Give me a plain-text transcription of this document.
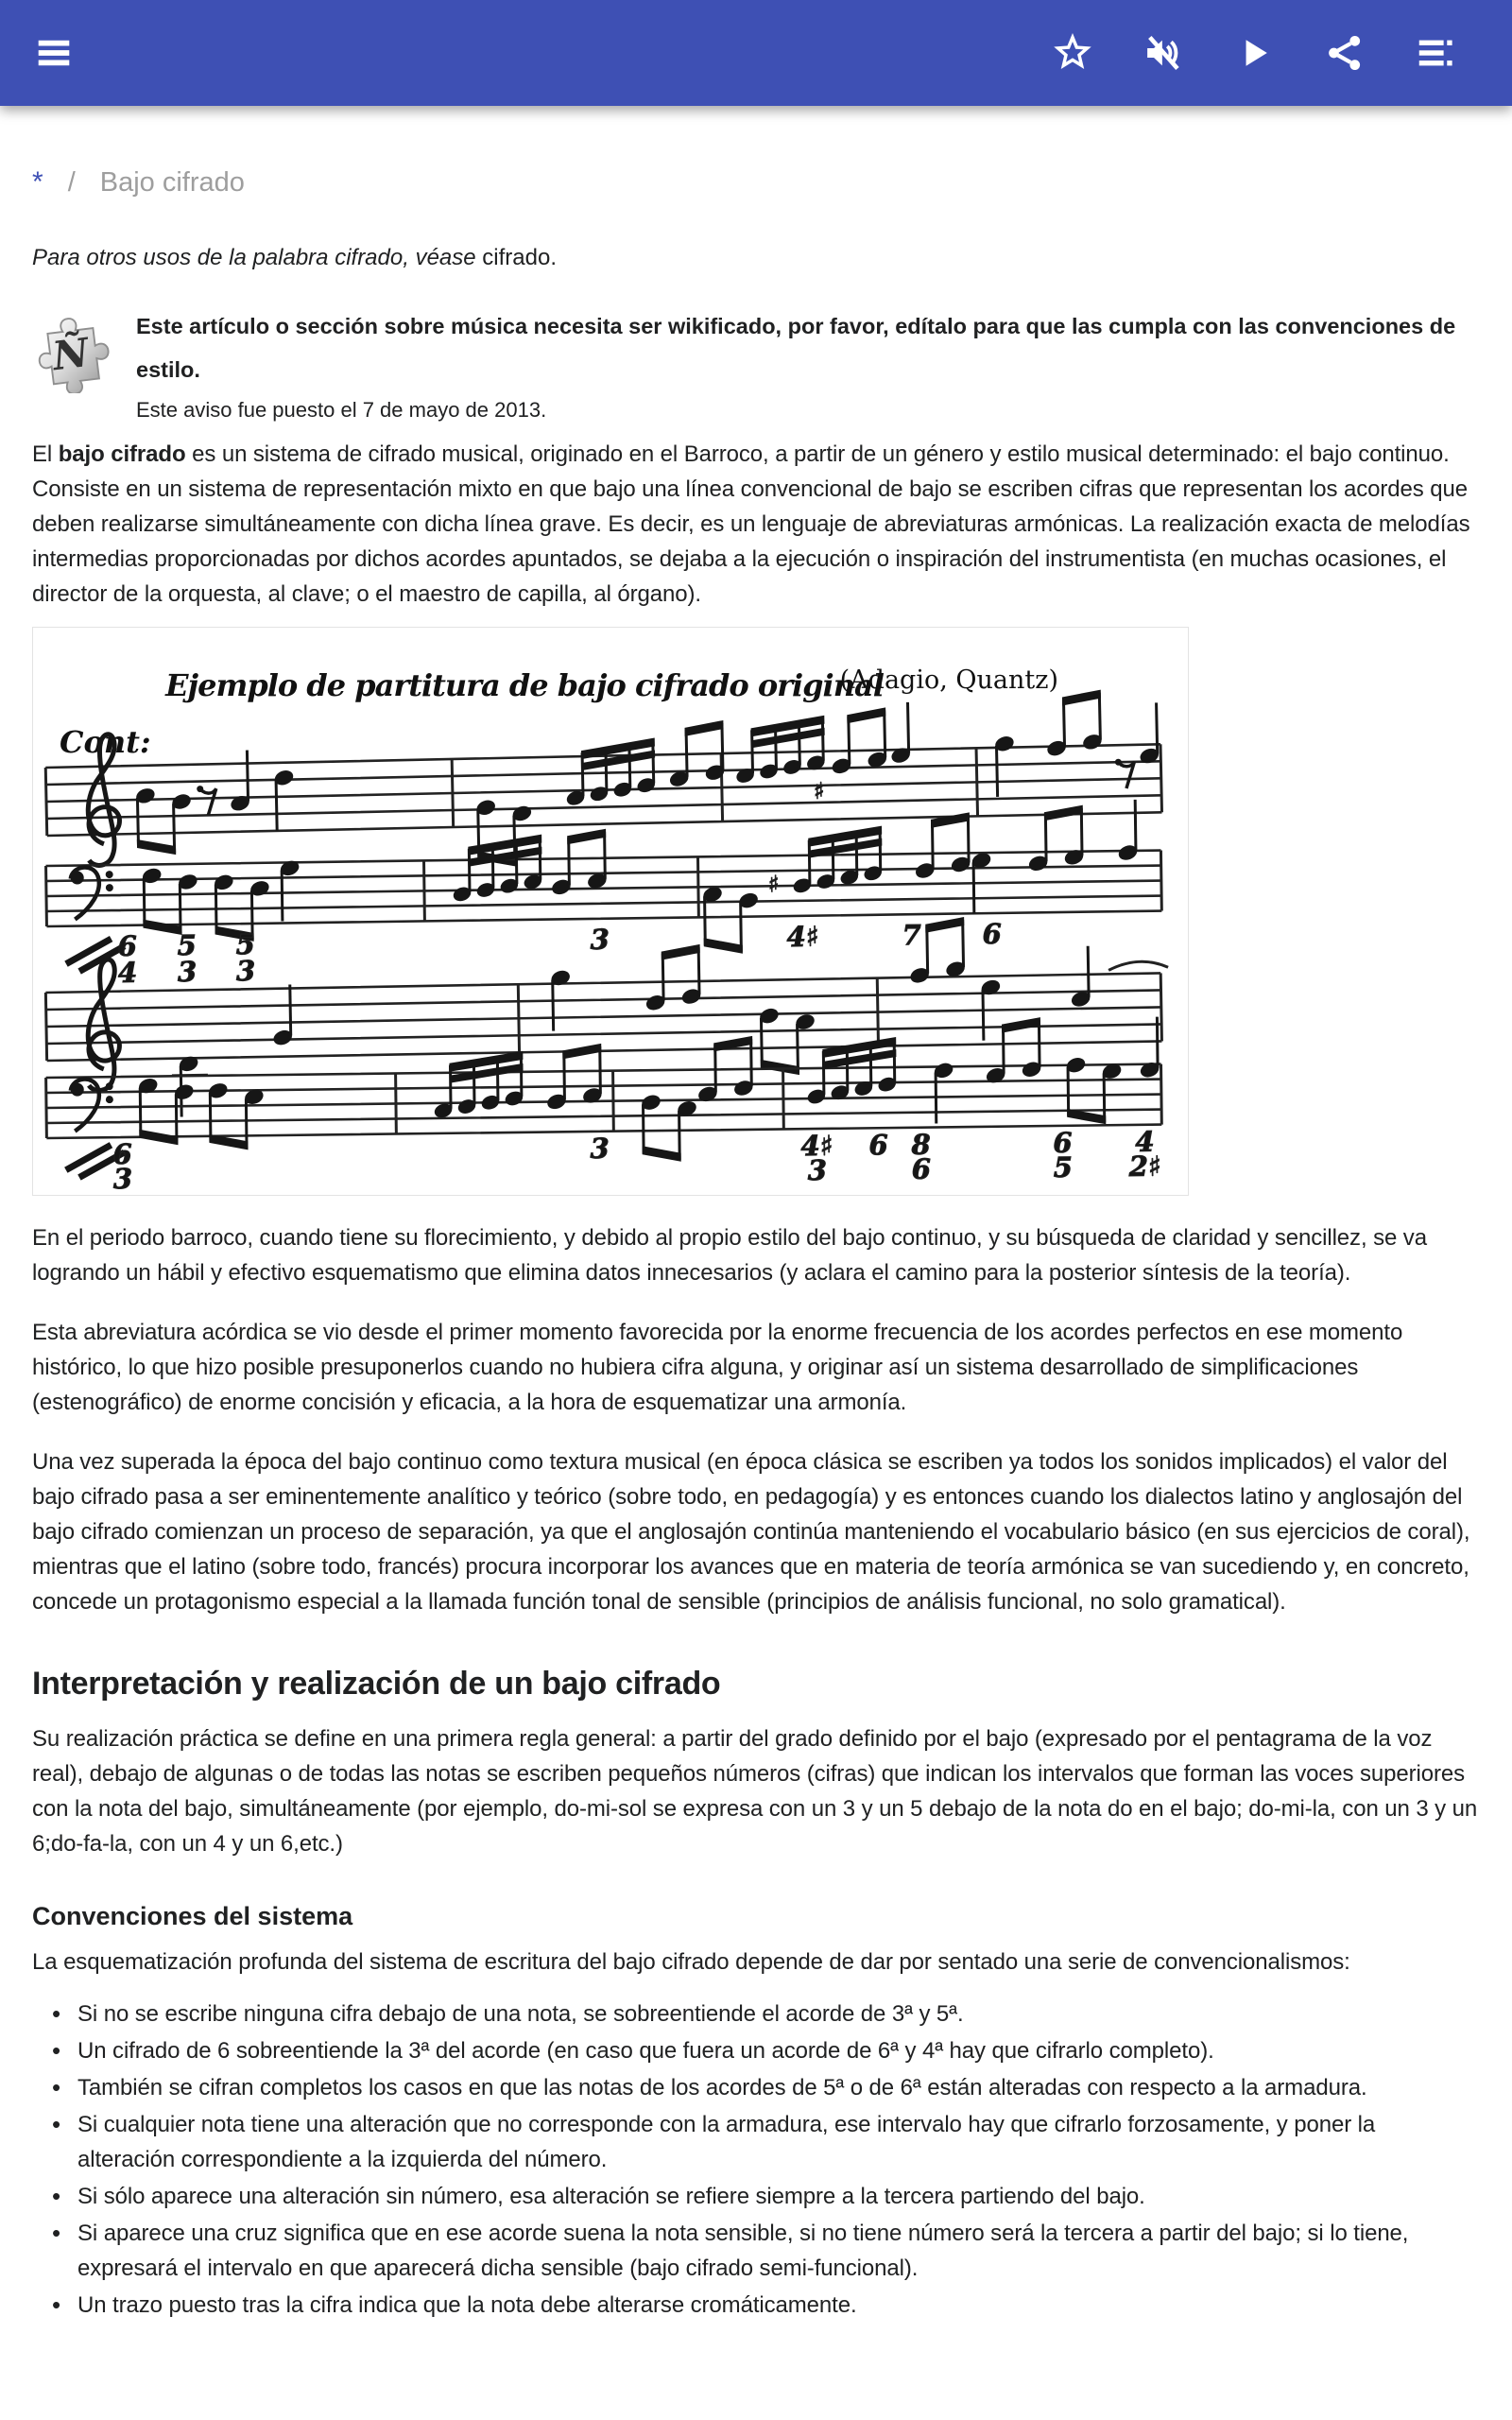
* / Bajo cifrado

Para otros usos de la palabra cifrado, véase cifrado.

Ñ
Este artículo o sección sobre música necesita ser wikificado, por favor, edítalo para que las cumpla con las convenciones de estilo.
Este aviso fue puesto el 7 de mayo de 2013.

El bajo cifrado es un sistema de cifrado musical, originado en el Barroco, a partir de un género y estilo musical determinado: el bajo continuo. Consiste en un sistema de representación mixto en que bajo una línea convencional de bajo se escriben cifras que representan los acordes que deben realizarse simultáneamente con dicha línea grave. Es decir, es un lenguaje de abreviaturas armónicas. La realización exacta de melodías intermedias proporcionadas por dichos acordes apuntados, se dejaba a la ejecución o inspiración del instrumentista (en muchas ocasiones, el director de la orquesta, al clave; o el maestro de capilla, al órgano).

Ejemplo de partitura de bajo cifrado original
(Adagio, Quantz)
Cont:
♯
♯
6
4
5
3
5
3
3	4♯	7 6
6
3
3	4♯
3
6 8
6
6
5
4
2♯

En el periodo barroco, cuando tiene su florecimiento, y debido al propio estilo del bajo continuo, y su búsqueda de claridad y sencillez, se va logrando un hábil y efectivo esquematismo que elimina datos innecesarios (y aclara el camino para la posterior síntesis de la teoría).

Esta abreviatura acórdica se vio desde el primer momento favorecida por la enorme frecuencia de los acordes perfectos en ese momento histórico, lo que hizo posible presuponerlos cuando no hubiera cifra alguna, y originar así un sistema desarrollado de simplificaciones (estenográfico) de enorme concisión y eficacia, a la hora de esquematizar una armonía.

Una vez superada la época del bajo continuo como textura musical (en época clásica se escriben ya todos los sonidos implicados) el valor del bajo cifrado pasa a ser eminentemente analítico y teórico (sobre todo, en pedagogía) y es entonces cuando los dialectos latino y anglosajón del bajo cifrado comienzan un proceso de separación, ya que el anglosajón continúa manteniendo el vocabulario básico (en sus ejercicios de coral), mientras que el latino (sobre todo, francés) procura incorporar los avances que en materia de teoría armónica se van sucediendo y, en concreto, concede un protagonismo especial a la llamada función tonal de sensible (principios de análisis funcional, no solo gramatical).

Interpretación y realización de un bajo cifrado

Su realización práctica se define en una primera regla general: a partir del grado definido por el bajo (expresado por el pentagrama de la voz real), debajo de algunas o de todas las notas se escriben pequeños números (cifras) que indican los intervalos que forman las voces superiores con la nota del bajo, simultáneamente (por ejemplo, do-mi-sol se expresa con un 3 y un 5 debajo de la nota do en el bajo; do-mi-la, con un 3 y un 6;do-fa-la, con un 4 y un 6,etc.)

Convenciones del sistema

La esquematización profunda del sistema de escritura del bajo cifrado depende de dar por sentado una serie de convencionalismos:

• Si no se escribe ninguna cifra debajo de una nota, se sobreentiende el acorde de 3ª y 5ª.
• Un cifrado de 6 sobreentiende la 3ª del acorde (en caso que fuera un acorde de 6ª y 4ª hay que cifrarlo completo).
• También se cifran completos los casos en que las notas de los acordes de 5ª o de 6ª están alteradas con respecto a la armadura.
• Si cualquier nota tiene una alteración que no corresponde con la armadura, ese intervalo hay que cifrarlo forzosamente, y poner la alteración correspondiente a la izquierda del número.
• Si sólo aparece una alteración sin número, esa alteración se refiere siempre a la tercera partiendo del bajo.
• Si aparece una cruz significa que en ese acorde suena la nota sensible, si no tiene número será la tercera a partir del bajo; si lo tiene, expresará el intervalo en que aparecerá dicha sensible (bajo cifrado semi-funcional).
• Un trazo puesto tras la cifra indica que la nota debe alterarse cromáticamente.
